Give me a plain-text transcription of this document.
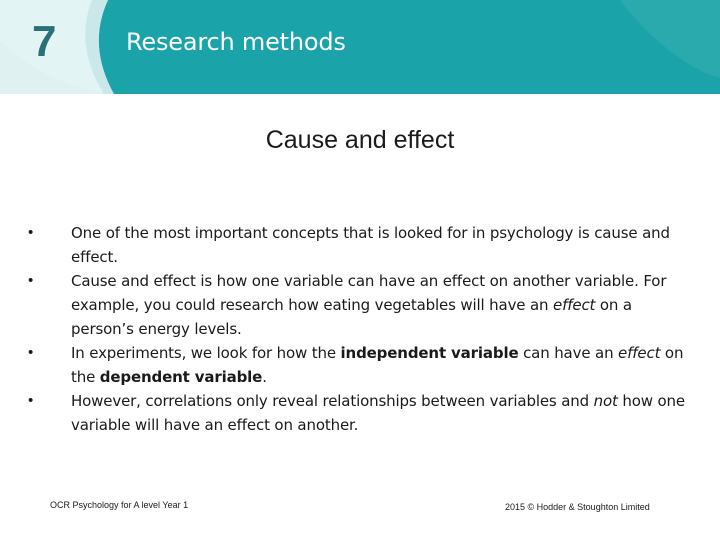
7	Research methods
Cause and effect
•	One of the most important concepts that is looked for in psychology is cause and effect.
•	Cause and effect is how one variable can have an effect on another variable. For example, you could research how eating vegetables will have an effect on a person’s energy levels.
•	In experiments, we look for how the independent variable can have an effect on the dependent variable.
•	However, correlations only reveal relationships between variables and not how one variable will have an effect on another.
OCR Psychology for A level Year 1	2015 © Hodder & Stoughton Limited
